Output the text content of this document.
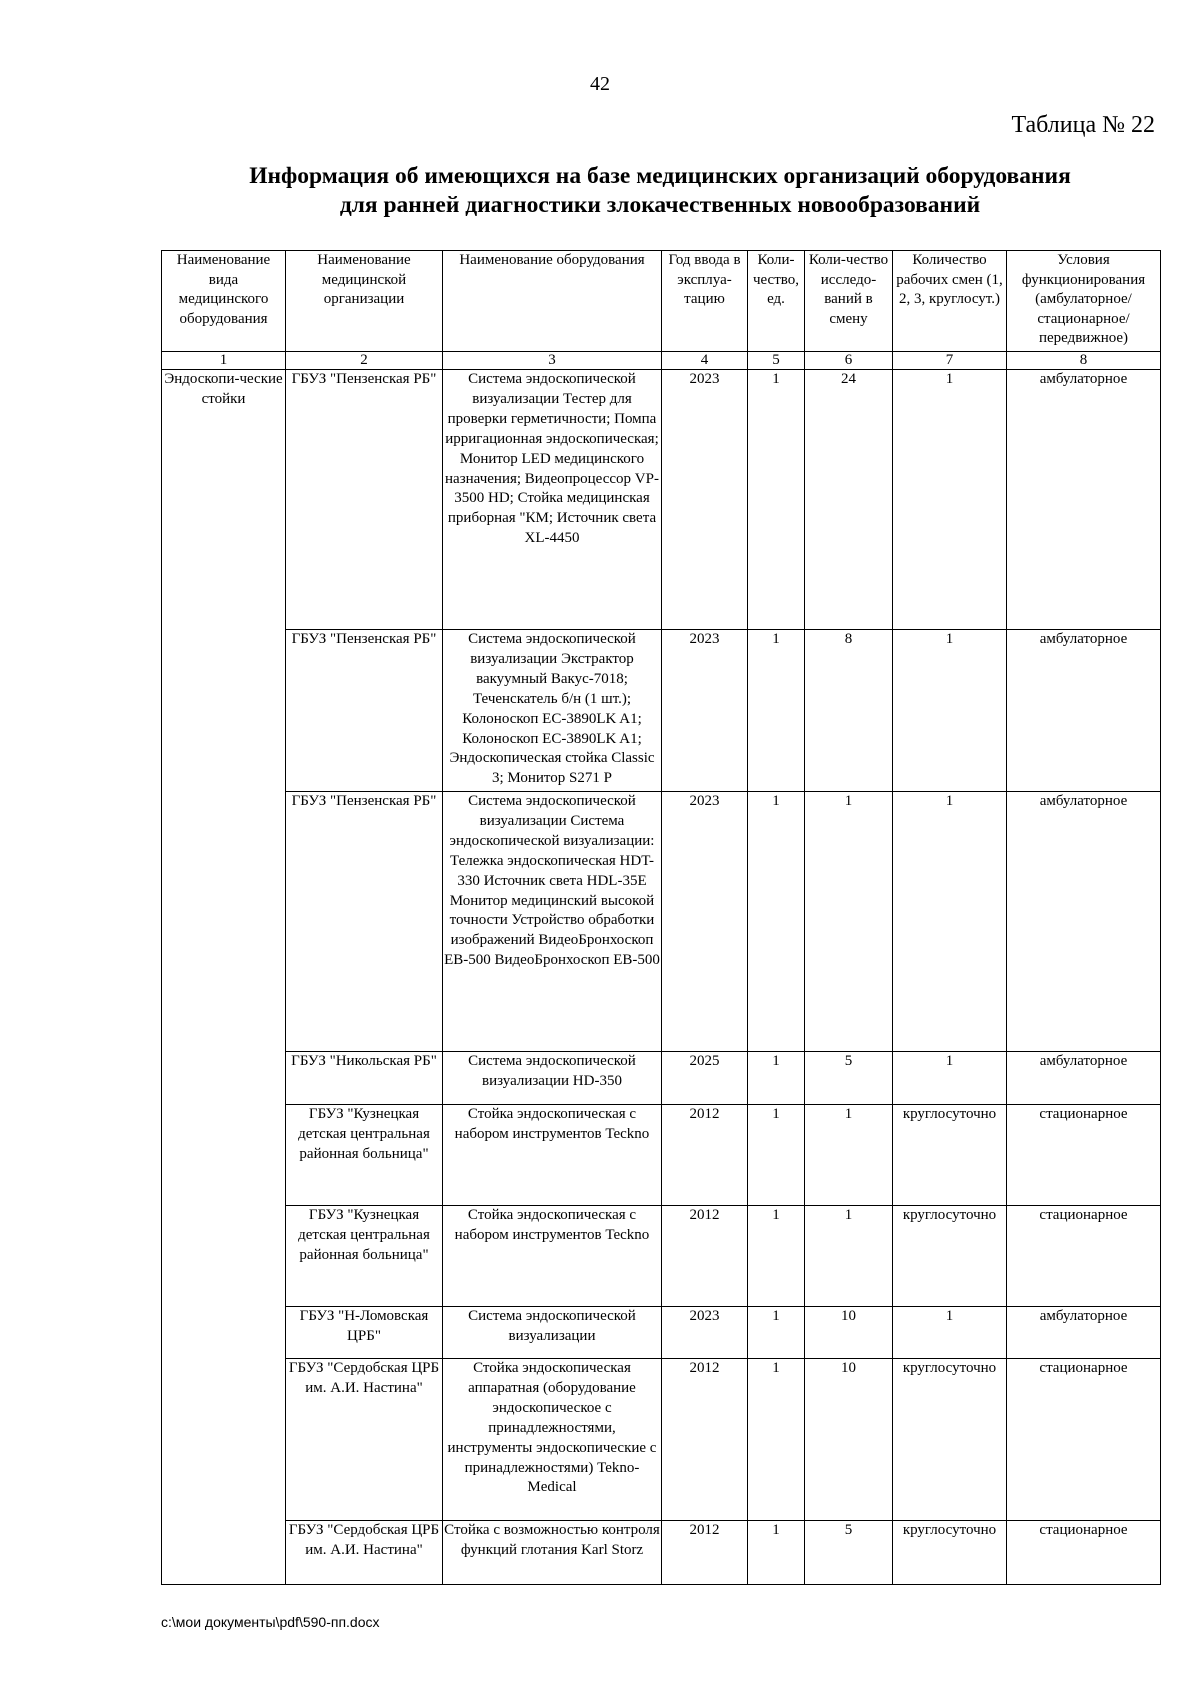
42
Таблица № 22
Информация об имеющихся на базе медицинских организаций оборудования
для ранней диагностики злокачественных новообразований
Наименование вида медицинского оборудования	Наименование медицинской организации	Наименование оборудования	Год ввода в эксплуа-тацию	Коли-чество, ед.	Коли-чество исследо-ваний в смену	Количество рабочих смен (1, 2, 3, круглосут.)	Условия функционирования (амбулаторное/ стационарное/ передвижное)
1	2	3	4	5	6	7	8
Эндоскопи-ческие стойки	ГБУЗ "Пензенская РБ"	Система эндоскопической визуализации Тестер для проверки герметичности; Помпа ирригационная эндоскопическая; Монитор LED медицинского назначения; Видеопроцессор VP-3500 HD; Стойка медицинская приборная "КМ; Источник света XL-4450	2023	1	24	1	амбулаторное
	ГБУЗ "Пензенская РБ"	Система эндоскопической визуализации Экстрактор вакуумный Вакус-7018; Теченскатель б/н (1 шт.); Колоноскоп EC-3890LK A1; Колоноскоп EC-3890LK A1; Эндоскопическая стойка Classic 3; Монитор S271 P	2023	1	8	1	амбулаторное
	ГБУЗ "Пензенская РБ"	Система эндоскопической визуализации Система эндоскопической визуализации: Тележка эндоскопическая HDT-330 Источник света HDL-35E Монитор медицинский высокой точности Устройство обработки изображений ВидеоБронхоскоп EB-500 ВидеоБронхоскоп EB-500	2023	1	1	1	амбулаторное
	ГБУЗ "Никольская РБ"	Система эндоскопической визуализации HD-350	2025	1	5	1	амбулаторное
	ГБУЗ "Кузнецкая детская центральная районная больница"	Стойка эндоскопическая с набором инструментов Teckno	2012	1	1	круглосуточно	стационарное
	ГБУЗ "Кузнецкая детская центральная районная больница"	Стойка эндоскопическая с набором инструментов Teckno	2012	1	1	круглосуточно	стационарное
	ГБУЗ "Н-Ломовская ЦРБ"	Система эндоскопической визуализации	2023	1	10	1	амбулаторное
	ГБУЗ "Сердобская ЦРБ им. А.И. Настина"	Стойка эндоскопическая аппаратная (оборудование эндоскопическое с принадлежностями, инструменты эндоскопические с принадлежностями) Tekno-Medical	2012	1	10	круглосуточно	стационарное
	ГБУЗ "Сердобская ЦРБ им. А.И. Настина"	Стойка с возможностью контроля функций глотания Karl Storz	2012	1	5	круглосуточно	стационарное
c:\мои документы\pdf\590-пп.docx
